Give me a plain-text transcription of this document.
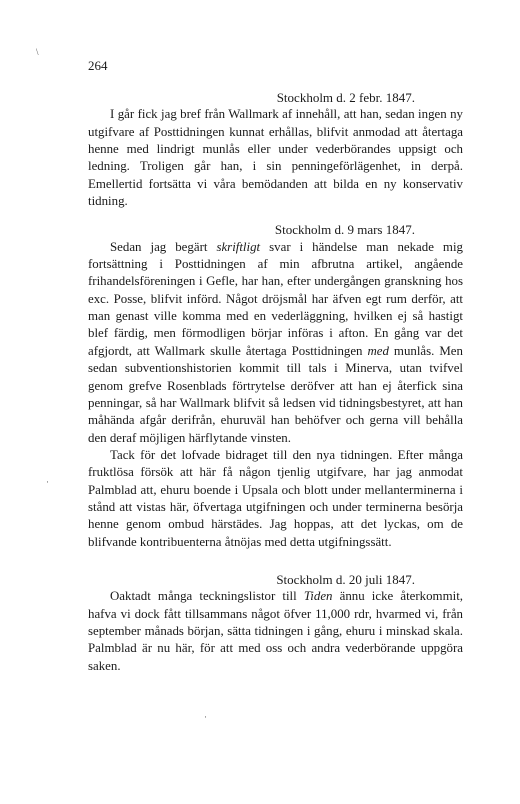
\
·
·
264
Stockholm d. 2 febr. 1847.

I går fick jag bref från Wallmark af innehåll, att han, sedan ingen ny utgifvare af Posttidningen kunnat erhållas, blifvit anmodad att återtaga henne med lindrigt munlås eller under vederbörandes uppsigt och ledning. Troligen går han, i sin penningeförlägenhet, in derpå. Emellertid fortsätta vi våra bemödanden att bilda en ny konservativ tidning.

Stockholm d. 9 mars 1847.

Sedan jag begärt skriftligt svar i händelse man nekade mig fortsättning i Posttidningen af min afbrutna artikel, angående frihandelsföreningen i Gefle, har han, efter undergången granskning hos exc. Posse, blifvit införd. Något dröjsmål har äfven egt rum derför, att man genast ville komma med en vederläggning, hvilken ej så hastigt blef färdig, men förmodligen börjar införas i afton. En gång var det afgjordt, att Wallmark skulle återtaga Posttidningen med munlås. Men sedan subventionshistorien kommit till tals i Minerva, utan tvifvel genom grefve Rosenblads förtrytelse deröfver att han ej återfick sina penningar, så har Wallmark blifvit så ledsen vid tidningsbestyret, att han måhända afgår derifrån, ehuruväl han behöfver och gerna vill behålla den deraf möjligen härflytande vinsten.

Tack för det lofvade bidraget till den nya tidningen. Efter många fruktlösa försök att här få någon tjenlig utgifvare, har jag anmodat Palmblad att, ehuru boende i Upsala och blott under mellanterminerna i stånd att vistas här, öfvertaga utgifningen och under terminerna besörja henne genom ombud härstädes. Jag hoppas, att det lyckas, om de blifvande kontribuenterna åtnöjas med detta utgifningssätt.

Stockholm d. 20 juli 1847.

Oaktadt många teckningslistor till Tiden ännu icke återkommit, hafva vi dock fått tillsammans något öfver 11,000 rdr, hvarmed vi, från september månads början, sätta tidningen i gång, ehuru i minskad skala. Palmblad är nu här, för att med oss och andra vederbörande uppgöra saken.
